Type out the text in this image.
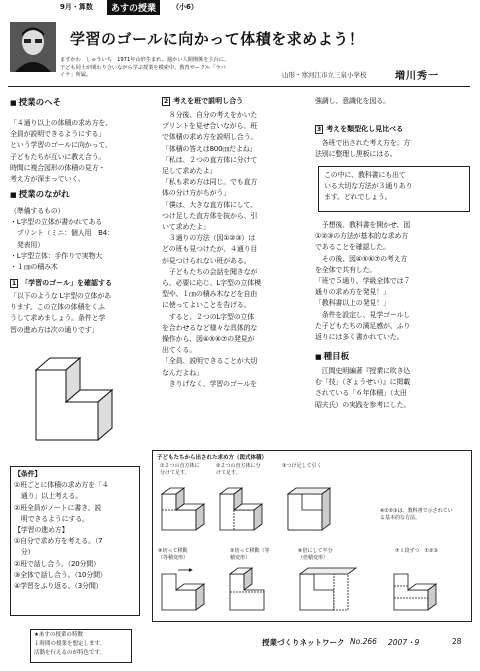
9月・算数	あすの授業	（小6）
学習のゴールに向かって体積を求めよう！
ますかわ　しゅういち　1971年山形生まれ。週かい人間関係を主台に、
子ども同士が関わり合いながら学ぶ授業を模索中。教育サークル「ラバ
イナ」所属。	山形・寒河江市立三泉小学校	増川秀一
■ 授業のヘそ
「４通り以上の体積の求め方を、
全員が説明できるようにする」
という学習のゴールに向かって、
子どもたちが互いに教え合う。
時間に複合図形の体積の見方・
考え方が深まっていく。
■ 授業のながれ
（準備するもの）
・L字型の立体が書かれてある
　プリント（ミニ：個人用　B4：
　発表用）
・L字型立体：手作りで実物大
・１㎝の積み木
1 「学習のゴール」を確認する
「以下のような L字型の立体があ
ります。この立体の体積をくふ
うして求めましょう。条件と学
習の進め方は次の通りです」
【条件】
①班ごとに体積の求め方を「４
　通り」以上考える。
②班全員がノートに書き、説
　明できるようにする。
【学習の進め方】
①自分で求め方を考える。（7
　分）
②班で話し合う。（20分間）
③全体で話し合う。（10分間）
④学習をふり返る。（3分間）
★あすの授業の特徴
１時間の授業を想定します。
活動を行えるのが特色です。
2 考えを班で説明し合う
　８分後、自分の考えをかいた
プリントを見せ合いながら、班
で体積の求め方を説明し合う。
「体積の答えは800㎝だよね」
「私は、２つの直方体に分けて
足して求めたよ」
「私も求め方は同じ。でも直方
体の分け方がちがう」
「僕は、大きな直方体にして、
つけ足した直方体を抜から、引
いて求めたよ」
　３通りの方法（図①②③）は
どの班も見つけたが、４通り目
が見つけられない班がある。
　子どもたちの会話を聞きなが
ら、必要に応じ、L字型の立体模
型や、１㎝の積み木などを自由
に使ってよいことを告げる。
　すると、２つのL字型の立体
を合わせるなど様々な具体的な
操作から、図④⑤⑥⑦の発見が
出てくる。
「全員、説明できることが大切
なんだよね」
　きりげなく、学習のゴールを
強調し、意識化を図る。
3 考えを類型化し見比べる
　各班で出された考え方を、方
法別に整理し黒板にはる。
この中に、教科書にも出て
いる大切な方法が３通りあり
ます。どれでしょう。
　予想後、教科書を開かせ、図
①②③の方法が基本的な求め方
であることを確認した。
　その後、図④⑤⑥⑦の考え方
を全体で共有した。
「班で５通り、学級全体では７
通りの求め方を発見！」
「教科書以上の発見！」
　条件を設定し、見学ゴールし
た子どもたちの満足感が、ふり
返りには多く書かれていた。
■ 種目板
　江間史明編著『授業に吹き込
む「技」（ぎょうせい）』に掲載
されている「６年体積」（太田
昭夫氏）の実践を参考にした。
子どもたちから出された求め方（図式体積）
①２つの直方体に分けて足す。
②２つの直方体に分けて足す。
③つけ足して引く
※①②③は、教科書で示されている基本的な方法。
④切って移動（等積変形）
⑤切って移動（等積変形）
⑥倍にして半分（倍積変形）
⑦１段ずつ　①②③
授業づくりネットワーク No.266 2007・9	28
